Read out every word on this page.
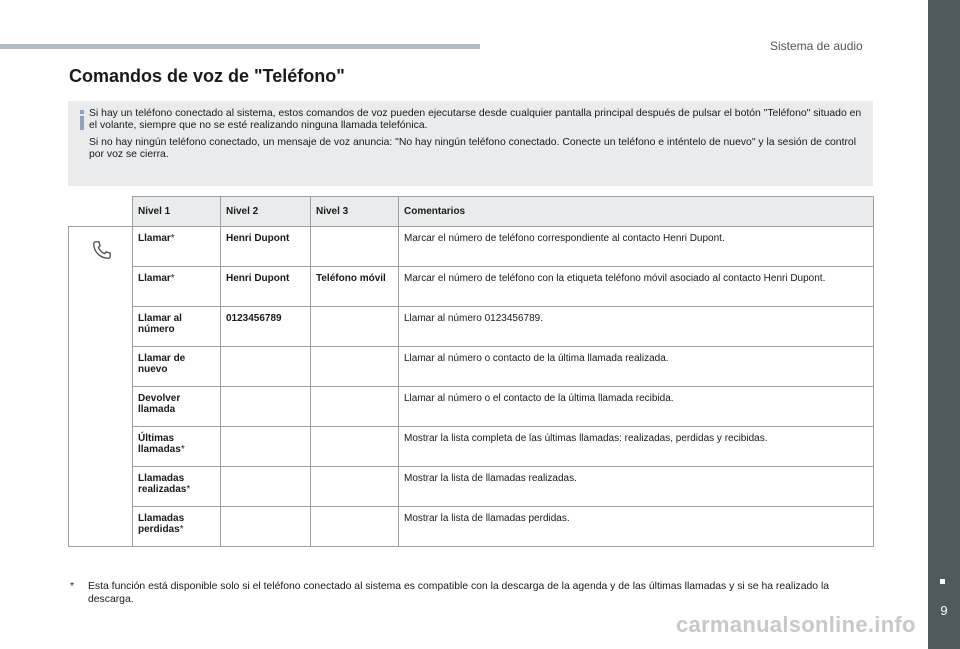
Sistema de audio
9
Comandos de voz de "Teléfono"

Si hay un teléfono conectado al sistema, estos comandos de voz pueden ejecutarse desde cualquier pantalla principal después de pulsar el botón "Teléfono" situado en el volante, siempre que no se esté realizando ninguna llamada telefónica.

Si no hay ningún teléfono conectado, un mensaje de voz anuncia: "No hay ningún teléfono conectado. Conecte un teléfono e inténtelo de nuevo" y la sesión de control por voz se cierra.

	Nivel 1	Nivel 2	Nivel 3	Comentarios

	Llamar*	Henri Dupont		Marcar el número de teléfono correspondiente al contacto Henri Dupont.
	Llamar*	Henri Dupont	Teléfono móvil	Marcar el número de teléfono con la etiqueta teléfono móvil asociado al contacto Henri Dupont.
	Llamar al número	0123456789		Llamar al número 0123456789.
	Llamar de nuevo			Llamar al número o contacto de la última llamada realizada.
	Devolver llamada			Llamar al número o el contacto de la última llamada recibida.
	Últimas llamadas*			Mostrar la lista completa de las últimas llamadas: realizadas, perdidas y recibidas.
	Llamadas realizadas*			Mostrar la lista de llamadas realizadas.
	Llamadas perdidas*			Mostrar la lista de llamadas perdidas.
* Esta función está disponible solo si el teléfono conectado al sistema es compatible con la descarga de la agenda y de las últimas llamadas y si se ha realizado la descarga.
carmanualsonline.info
